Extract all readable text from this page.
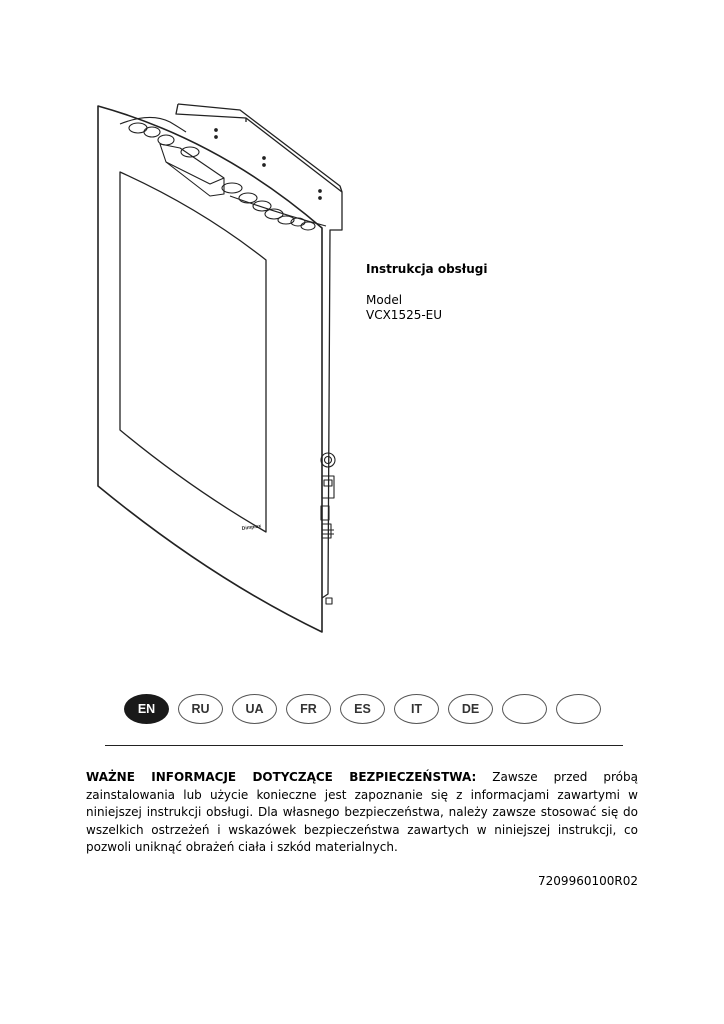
Dimplex
Instrukcja obsługi
Model
VCX1525-EU
EN	RU	UA	FR	ES	IT	DE
WAŻNE INFORMACJE DOTYCZĄCE BEZPIECZEŃSTWA: Zawsze przed próbą zainstalowania lub użycie konieczne jest zapoznanie się z informacjami zawartymi w niniejszej instrukcji obsługi. Dla własnego bezpieczeństwa, należy zawsze stosować się do wszelkich ostrzeżeń i wskazówek bezpieczeństwa zawartych w niniejszej instrukcji, co pozwoli uniknąć obrażeń ciała i szkód materialnych.
7209960100R02
